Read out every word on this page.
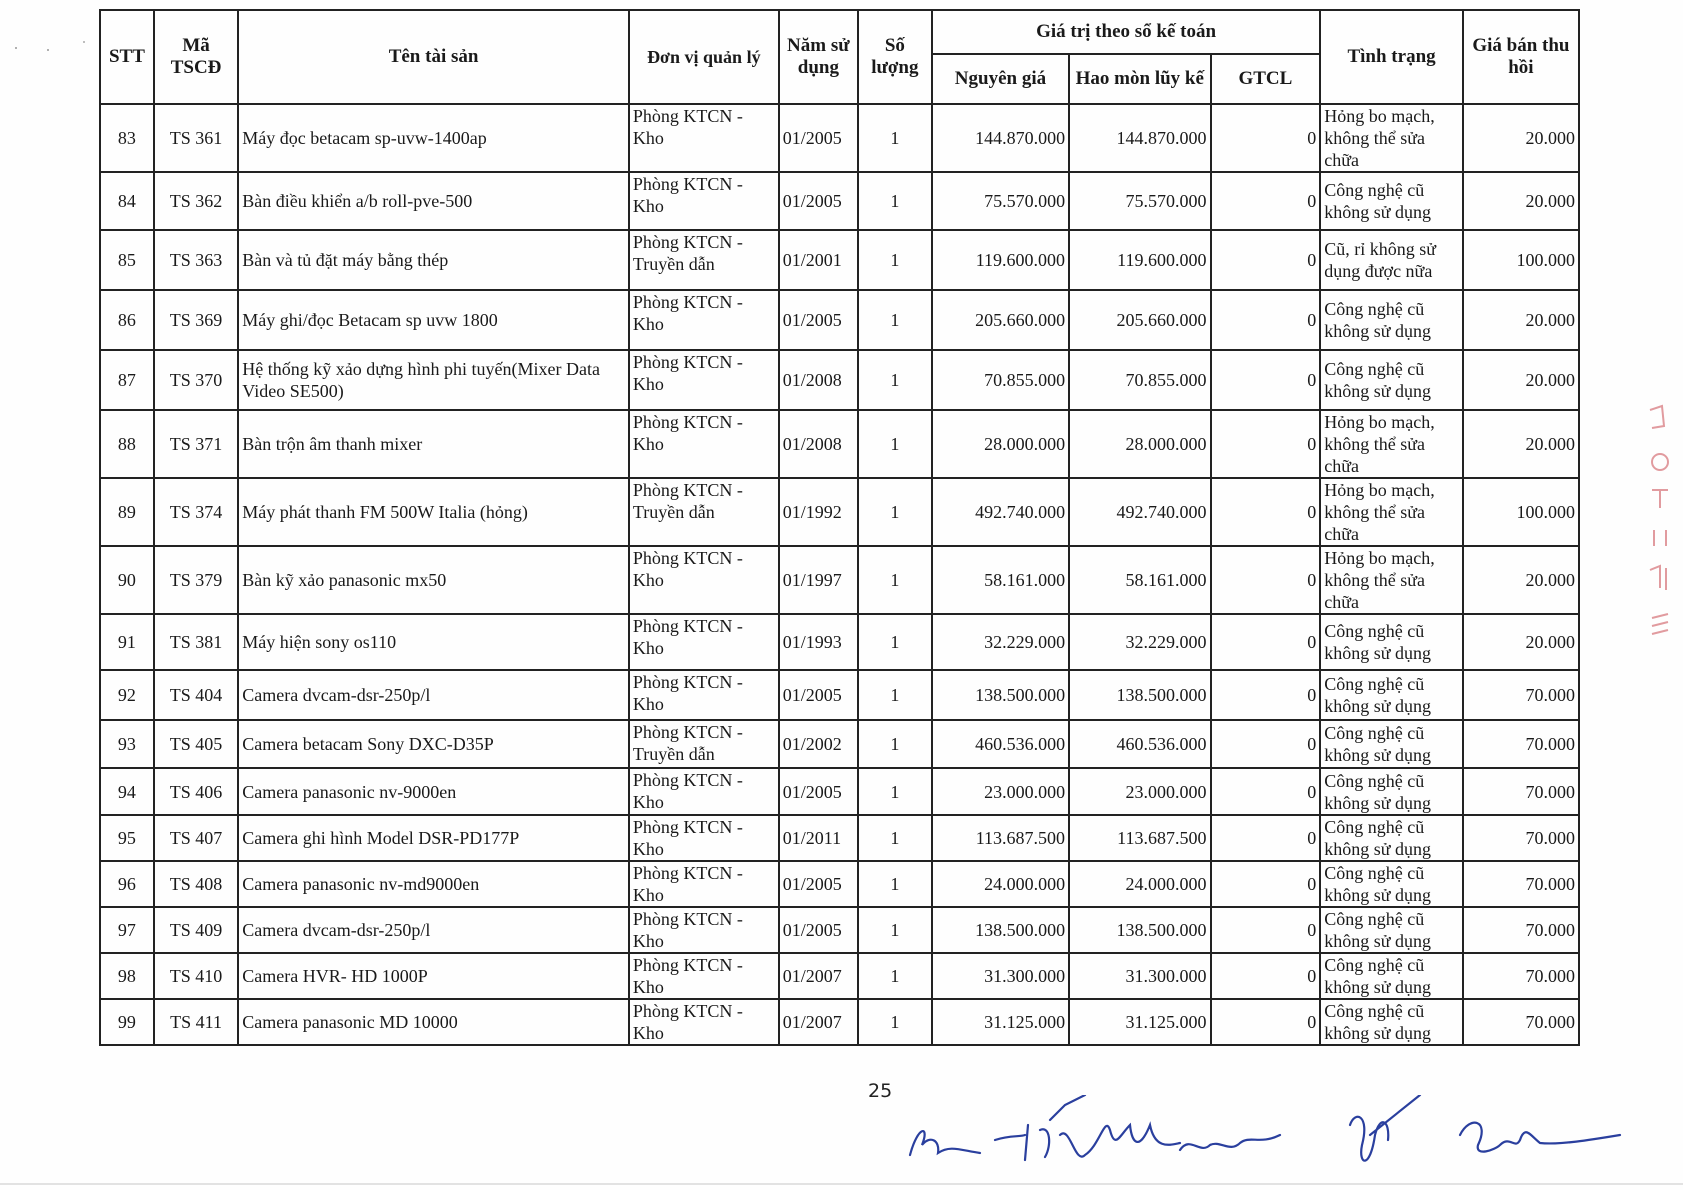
STT	Mã TSCĐ	Tên tài sản	Đơn vị quản lý	Năm sử dụng	Số lượng	Giá trị theo sổ kế toán			Tình trạng	Giá bán thu hồi
						Nguyên giá	Hao mòn lũy kế	GTCL		
83	TS 361	Máy đọc betacam sp-uvw-1400ap	Phòng KTCN - Kho	01/2005	1	144.870.000	144.870.000	0	Hỏng bo mạch, không thể sửa chữa	20.000
84	TS 362	Bàn điều khiển a/b roll-pve-500	Phòng KTCN - Kho	01/2005	1	75.570.000	75.570.000	0	Công nghệ cũ không sử dụng	20.000
85	TS 363	Bàn và tủ đặt máy bằng thép	Phòng KTCN - Truyền dẫn	01/2001	1	119.600.000	119.600.000	0	Cũ, rỉ không sử dụng được nữa	100.000
86	TS 369	Máy ghi/đọc Betacam sp uvw 1800	Phòng KTCN - Kho	01/2005	1	205.660.000	205.660.000	0	Công nghệ cũ không sử dụng	20.000
87	TS 370	Hệ thống kỹ xảo dựng hình phi tuyến(Mixer Data Video SE500)	Phòng KTCN - Kho	01/2008	1	70.855.000	70.855.000	0	Công nghệ cũ không sử dụng	20.000
88	TS 371	Bàn trộn âm thanh mixer	Phòng KTCN - Kho	01/2008	1	28.000.000	28.000.000	0	Hỏng bo mạch, không thể sửa chữa	20.000
89	TS 374	Máy phát thanh FM 500W Italia (hỏng)	Phòng KTCN - Truyền dẫn	01/1992	1	492.740.000	492.740.000	0	Hỏng bo mạch, không thể sửa chữa	100.000
90	TS 379	Bàn kỹ xảo panasonic mx50	Phòng KTCN - Kho	01/1997	1	58.161.000	58.161.000	0	Hỏng bo mạch, không thể sửa chữa	20.000
91	TS 381	Máy hiện sony os110	Phòng KTCN - Kho	01/1993	1	32.229.000	32.229.000	0	Công nghệ cũ không sử dụng	20.000
92	TS 404	Camera dvcam-dsr-250p/l	Phòng KTCN - Kho	01/2005	1	138.500.000	138.500.000	0	Công nghệ cũ không sử dụng	70.000
93	TS 405	Camera betacam Sony DXC-D35P	Phòng KTCN - Truyền dẫn	01/2002	1	460.536.000	460.536.000	0	Công nghệ cũ không sử dụng	70.000
94	TS 406	Camera panasonic nv-9000en	Phòng KTCN - Kho	01/2005	1	23.000.000	23.000.000	0	Công nghệ cũ không sử dụng	70.000
95	TS 407	Camera ghi hình Model DSR-PD177P	Phòng KTCN - Kho	01/2011	1	113.687.500	113.687.500	0	Công nghệ cũ không sử dụng	70.000
96	TS 408	Camera panasonic nv-md9000en	Phòng KTCN - Kho	01/2005	1	24.000.000	24.000.000	0	Công nghệ cũ không sử dụng	70.000
97	TS 409	Camera dvcam-dsr-250p/l	Phòng KTCN - Kho	01/2005	1	138.500.000	138.500.000	0	Công nghệ cũ không sử dụng	70.000
98	TS 410	Camera HVR- HD 1000P	Phòng KTCN - Kho	01/2007	1	31.300.000	31.300.000	0	Công nghệ cũ không sử dụng	70.000
99	TS 411	Camera panasonic MD 10000	Phòng KTCN - Kho	01/2007	1	31.125.000	31.125.000	0	Công nghệ cũ không sử dụng	70.000
25
